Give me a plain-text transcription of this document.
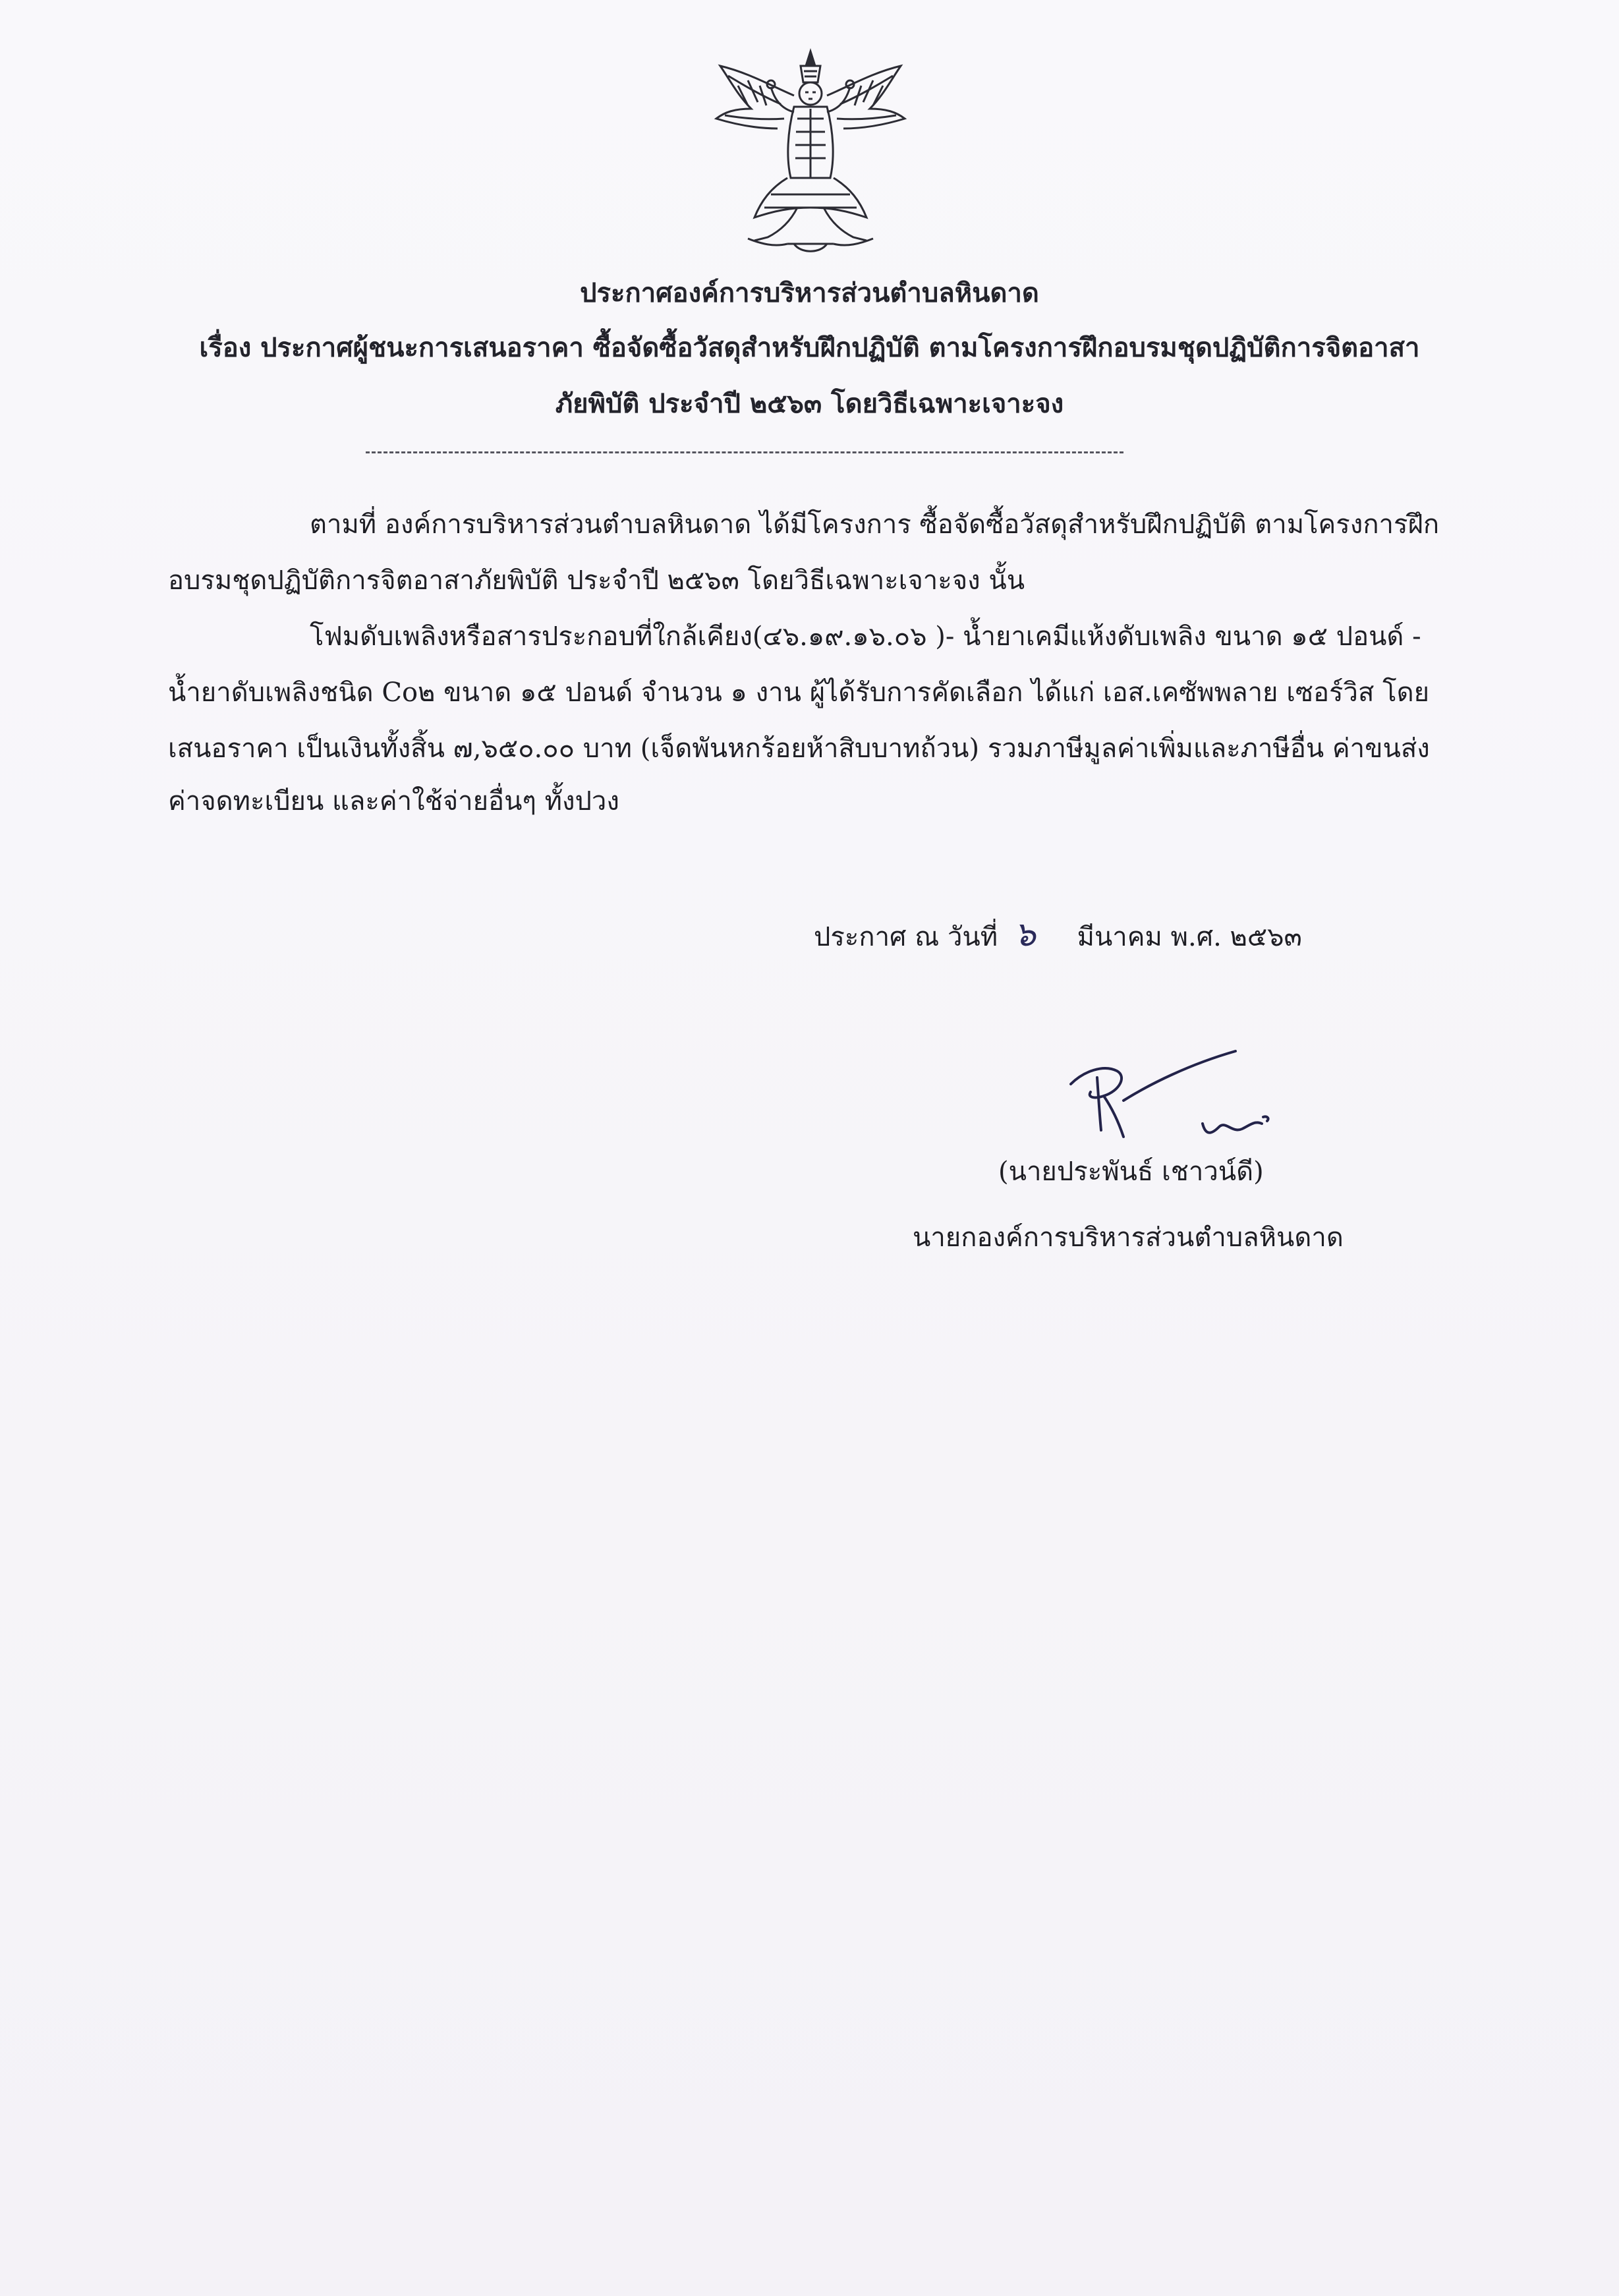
ประกาศองค์การบริหารส่วนตำบลหินดาด
เรื่อง ประกาศผู้ชนะการเสนอราคา ซื้อจัดซื้อวัสดุสำหรับฝึกปฏิบัติ ตามโครงการฝึกอบรมชุดปฏิบัติการจิตอาสา
ภัยพิบัติ ประจำปี ๒๕๖๓ โดยวิธีเฉพาะเจาะจง
ตามที่ องค์การบริหารส่วนตำบลหินดาด ได้มีโครงการ ซื้อจัดซื้อวัสดุสำหรับฝึกปฏิบัติ ตามโครงการฝึก
อบรมชุดปฏิบัติการจิตอาสาภัยพิบัติ ประจำปี ๒๕๖๓ โดยวิธีเฉพาะเจาะจง นั้น
โฟมดับเพลิงหรือสารประกอบที่ใกล้เคียง(๔๖.๑๙.๑๖.๐๖ )- น้ำยาเคมีแห้งดับเพลิง ขนาด ๑๕ ปอนด์ -
น้ำยาดับเพลิงชนิด Co๒ ขนาด ๑๕ ปอนด์ จำนวน ๑ งาน ผู้ได้รับการคัดเลือก ได้แก่ เอส.เคซัพพลาย เซอร์วิส โดย
เสนอราคา เป็นเงินทั้งสิ้น ๗,๖๕๐.๐๐ บาท (เจ็ดพันหกร้อยห้าสิบบาทถ้วน) รวมภาษีมูลค่าเพิ่มและภาษีอื่น ค่าขนส่ง
ค่าจดทะเบียน และค่าใช้จ่ายอื่นๆ ทั้งปวง
ประกาศ ณ วันที่ ๖ มีนาคม พ.ศ. ๒๕๖๓
(นายประพันธ์ เชาวน์ดี)
นายกองค์การบริหารส่วนตำบลหินดาด
